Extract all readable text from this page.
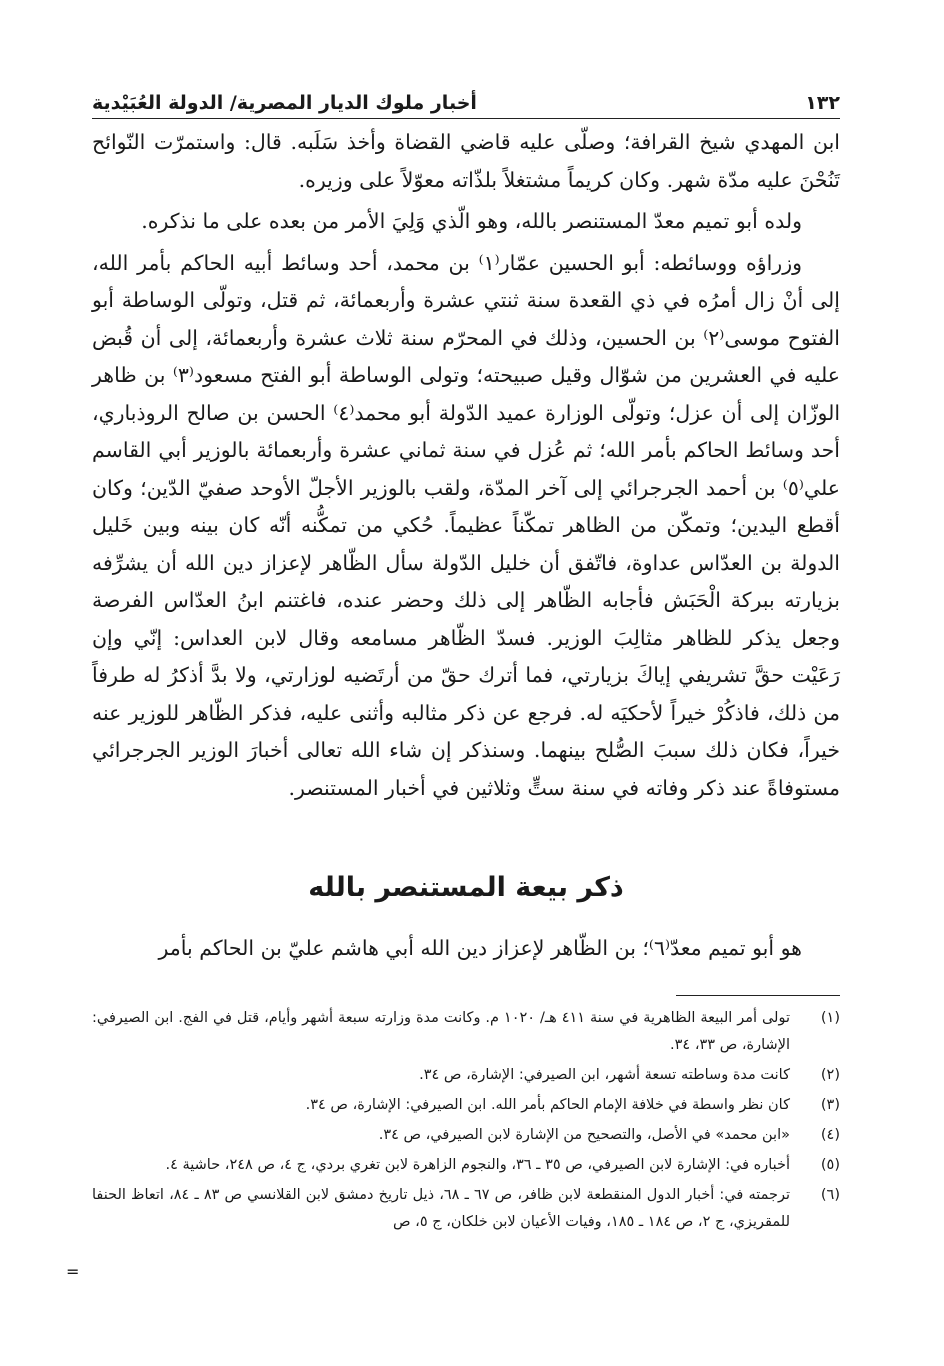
١٣٢
أخبار ملوك الديار المصرية/ الدولة العُبَيْدية

ابن المهدي شيخ القرافة؛ وصلّى عليه قاضي القضاة وأخذ سَلَبه. قال: واستمرّت النّوائح تَنُحْنَ عليه مدّة شهر. وكان كريماً مشتغلاً بلذّاته معوّلاً على وزيره.

ولده أبو تميم معدّ المستنصر بالله، وهو الّذي وَلِيَ الأمر من بعده على ما نذكره.

وزراؤه ووسائطه: أبو الحسين عمّار⁽١⁾ بن محمد، أحد وسائط أبيه الحاكم بأمر الله، إلى أنْ زال أمرُه في ذي القعدة سنة ثنتي عشرة وأربعمائة، ثم قتل، وتولّى الوساطة أبو الفتوح موسى⁽٢⁾ بن الحسين، وذلك في المحرّم سنة ثلاث عشرة وأربعمائة، إلى أن قُبض عليه في العشرين من شوّال وقيل صبيحته؛ وتولى الوساطة أبو الفتح مسعود⁽٣⁾ بن ظاهر الوزّان إلى أن عزل؛ وتولّى الوزارة عميد الدّولة أبو محمد⁽٤⁾ الحسن بن صالح الروذباري، أحد وسائط الحاكم بأمر الله؛ ثم عُزل في سنة ثماني عشرة وأربعمائة بالوزير أبي القاسم علي⁽٥⁾ بن أحمد الجرجرائي إلى آخر المدّة، ولقب بالوزير الأجلّ الأوحد صفيّ الدّين؛ وكان أقطع اليدين؛ وتمكّن من الظاهر تمكّناً عظيماً. حُكي من تمكُّنه أنّه كان بينه وبين خَليل الدولة بن العدّاس عداوة، فاتّفق أن خليل الدّولة سأل الظّاهر لإعزاز دين الله أن يشرِّفه بزيارته ببركة الْحَبَش فأجابه الظّاهر إلى ذلك وحضر عنده، فاغتنم ابنُ العدّاس الفرصة وجعل يذكر للظاهر مثالِبَ الوزير. فسدّ الظّاهر مسامعه وقال لابن العداس: إنّي وإن رَعَيْت حقَّ تشريفي إياكَ بزيارتي، فما أترك حقّ من أرتَضيه لوزارتي، ولا بدَّ أذكرُ له طرفاً من ذلك، فاذكُرْ خيراً لأحكيَه له. فرجع عن ذكر مثالبه وأثنى عليه، فذكر الظّاهر للوزير عنه خيراً، فكان ذلك سببَ الصُّلح بينهما. وسنذكر إن شاء الله تعالى أخبارَ الوزير الجرجرائي مستوفاةً عند ذكر وفاته في سنة ستٍّ وثلاثين في أخبار المستنصر.

ذكر بيعة المستنصر بالله
هو أبو تميم معدّ⁽٦⁾؛ بن الظّاهر لإعزاز دين الله أبي هاشم عليّ بن الحاكم بأمر
(١)
تولى أمر البيعة الظاهرية في سنة ٤١١ هـ/ ١٠٢٠ م. وكانت مدة وزارته سبعة أشهر وأيام، قتل في الفج. ابن الصيرفي: الإشارة، ص ٣٣، ٣٤.
(٢)
كانت مدة وساطته تسعة أشهر، ابن الصيرفي: الإشارة، ص ٣٤.
(٣)
كان نظر واسطة في خلافة الإمام الحاكم بأمر الله. ابن الصيرفي: الإشارة، ص ٣٤.
(٤)
«ابن محمد» في الأصل، والتصحيح من الإشارة لابن الصيرفي، ص ٣٤.
(٥)
أخباره في: الإشارة لابن الصيرفي، ص ٣٥ ـ ٣٦، والنجوم الزاهرة لابن تغري بردي، ج ٤، ص ٢٤٨، حاشية ٤.
(٦)
ترجمته في: أخبار الدول المنقطعة لابن ظافر، ص ٦٧ ـ ٦٨، ذيل تاريخ دمشق لابن القلانسي ص ٨٣ ـ ٨٤، اتعاظ الحنفا للمقريزي، ج ٢، ص ١٨٤ ـ ١٨٥، وفيات الأعيان لابن خلكان، ج ٥، ص
=
